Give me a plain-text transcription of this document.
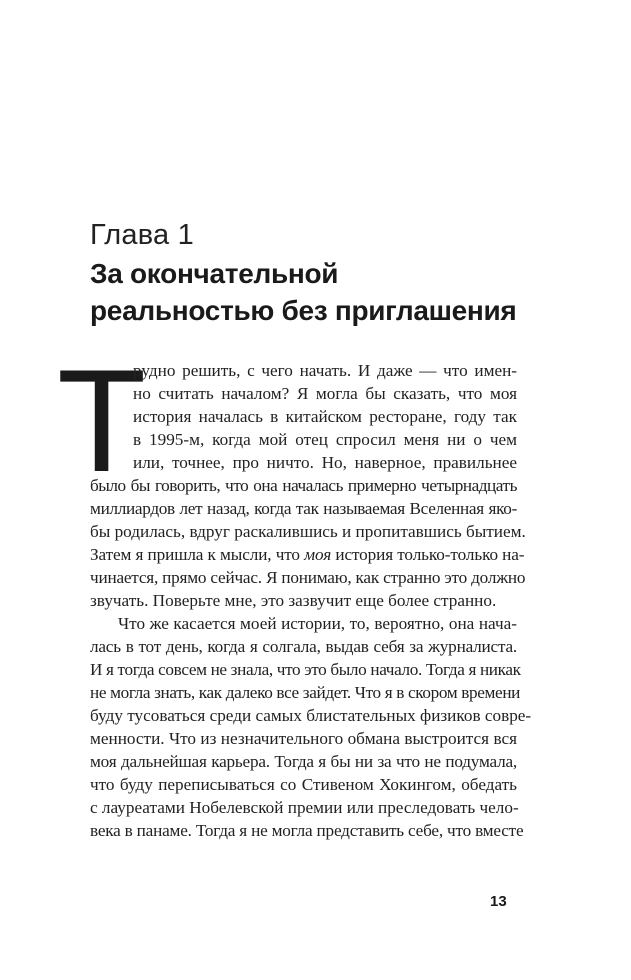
Глава 1
За окончательной
реальностью без приглашения
Т
рудно решить, с чего начать. И даже — что имен-
но считать началом? Я могла бы сказать, что моя
история началась в китайском ресторане, году так
в 1995-м, когда мой отец спросил меня ни о чем
или, точнее, про ничто. Но, наверное, правильнее
было бы говорить, что она началась примерно четырнадцать
миллиардов лет назад, когда так называемая Вселенная яко-
бы родилась, вдруг раскалившись и пропитавшись бытием.
Затем я пришла к мысли, что моя история только-только на-
чинается, прямо сейчас. Я понимаю, как странно это должно
звучать. Поверьте мне, это зазвучит еще более странно.
Что же касается моей истории, то, вероятно, она нача-
лась в тот день, когда я солгала, выдав себя за журналиста.
И я тогда совсем не знала, что это было начало. Тогда я никак
не могла знать, как далеко все зайдет. Что я в скором времени
буду тусоваться среди самых блистательных физиков совре-
менности. Что из незначительного обмана выстроится вся
моя дальнейшая карьера. Тогда я бы ни за что не подумала,
что буду переписываться со Стивеном Хокингом, обедать
с лауреатами Нобелевской премии или преследовать чело-
века в панаме. Тогда я не могла представить себе, что вместе
13
